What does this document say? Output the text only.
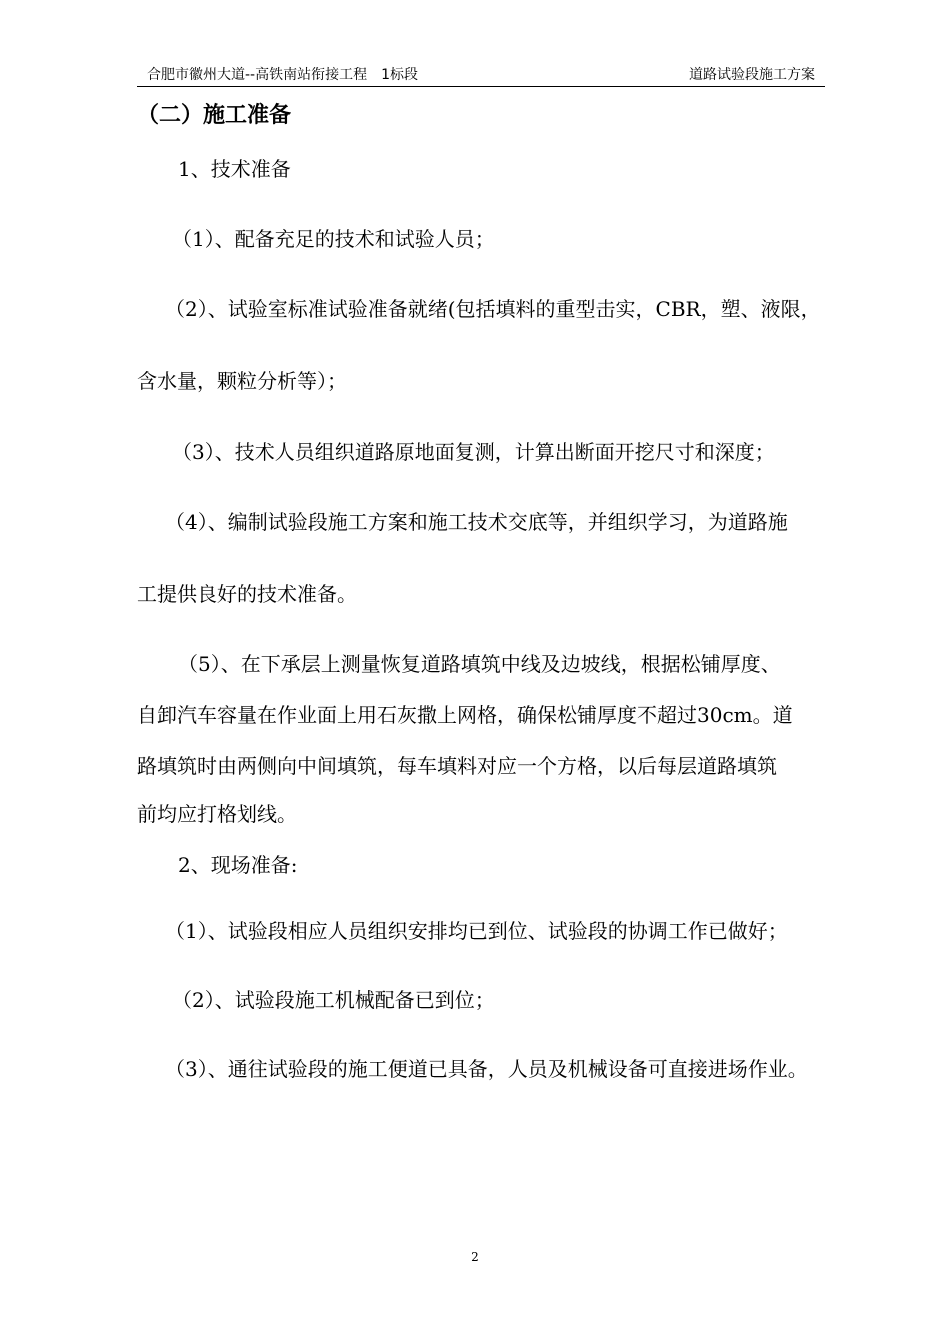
合肥市徽州大道--高铁南站衔接工程　1标段	道路试验段施工方案
（二）施工准备
1、技术准备
（1）、配备充足的技术和试验人员；
（2）、试验室标准试验准备就绪(包括填料的重型击实，CBR，塑、液限，
含水量，颗粒分析等）；
（3）、技术人员组织道路原地面复测，计算出断面开挖尺寸和深度；
（4）、编制试验段施工方案和施工技术交底等，并组织学习，为道路施
工提供良好的技术准备。
（5）、在下承层上测量恢复道路填筑中线及边坡线，根据松铺厚度、
自卸汽车容量在作业面上用石灰撒上网格，确保松铺厚度不超过30cm。道
路填筑时由两侧向中间填筑，每车填料对应一个方格，以后每层道路填筑
前均应打格划线。
2、现场准备:
（1）、试验段相应人员组织安排均已到位、试验段的协调工作已做好；
（2）、试验段施工机械配备已到位；
（3）、通往试验段的施工便道已具备，人员及机械设备可直接进场作业。
2
